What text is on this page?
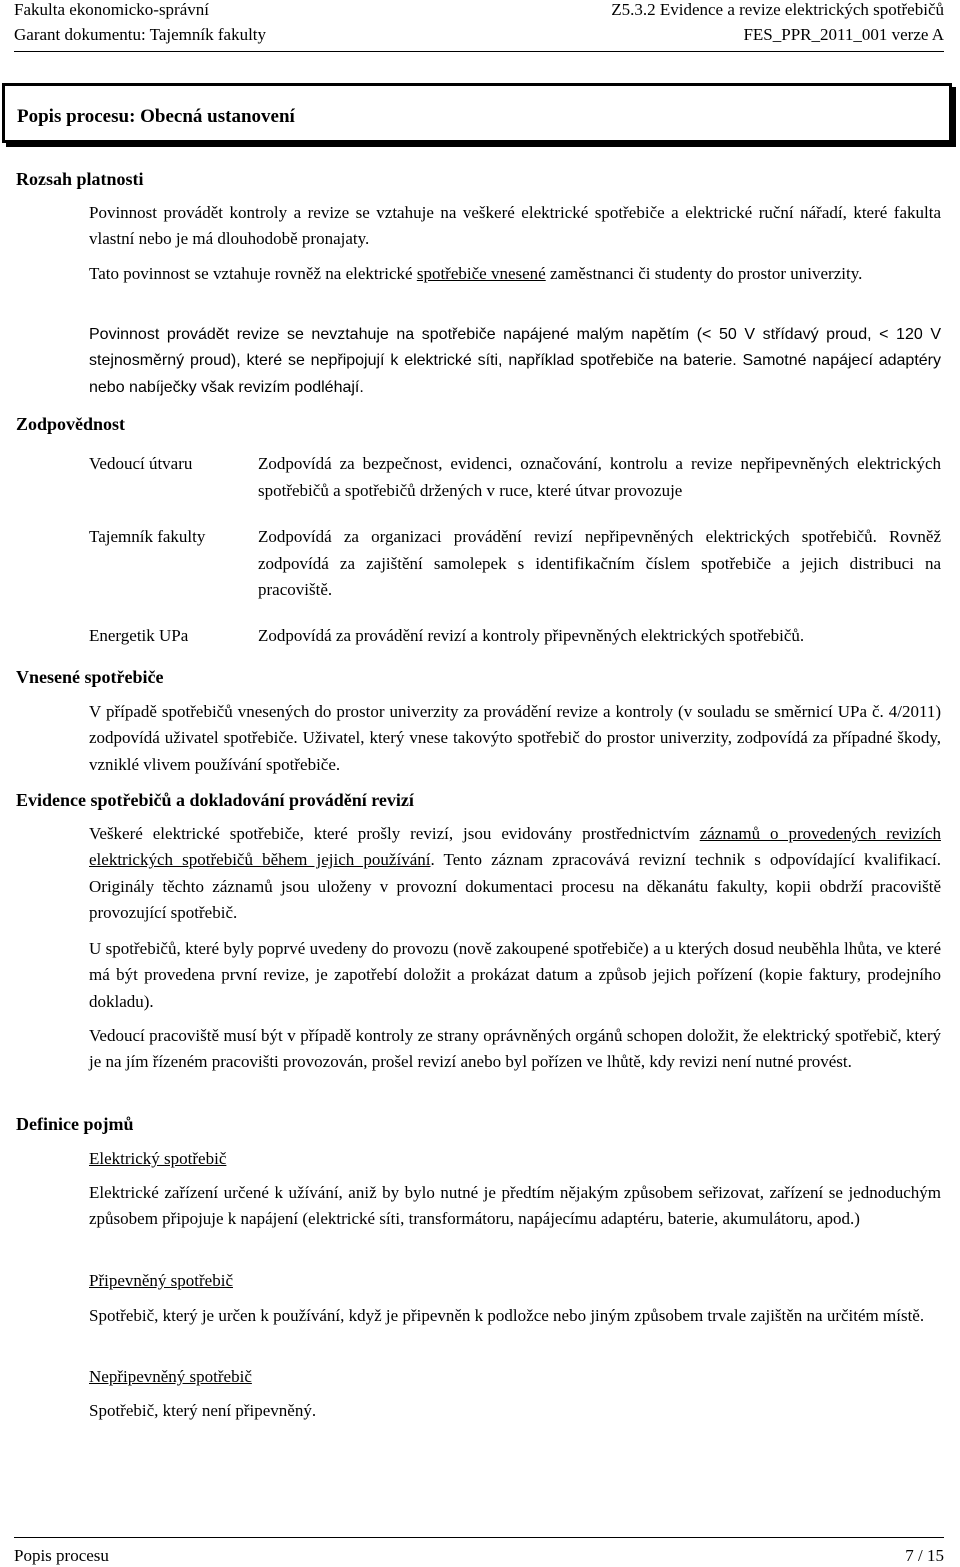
Fakulta ekonomicko-správní	Z5.3.2 Evidence a revize elektrických spotřebičů
Garant dokumentu: Tajemník fakulty	FES_PPR_2011_001 verze A
Popis procesu: Obecná ustanovení
Rozsah platnosti
Povinnost provádět kontroly a revize se vztahuje na veškeré elektrické spotřebiče a elektrické ruční nářadí, které fakulta vlastní nebo je má dlouhodobě pronajaty.
Tato povinnost se vztahuje rovněž na elektrické spotřebiče vnesené zaměstnanci či studenty do prostor univerzity.
Povinnost provádět revize se nevztahuje na spotřebiče napájené malým napětím (< 50 V střídavý proud, < 120 V stejnosměrný proud), které se nepřipojují k elektrické síti, například spotřebiče na baterie. Samotné napájecí adaptéry nebo nabíječky však revizím podléhají.
Zodpovědnost
Vedoucí útvaru	Zodpovídá za bezpečnost, evidenci, označování, kontrolu a revize nepřipevněných elektrických spotřebičů a spotřebičů držených v ruce, které útvar provozuje
Tajemník fakulty	Zodpovídá za organizaci provádění revizí nepřipevněných elektrických spotřebičů. Rovněž zodpovídá za zajištění samolepek s identifikačním číslem spotřebiče a jejich distribuci na pracoviště.
Energetik UPa	Zodpovídá za provádění revizí a kontroly připevněných elektrických spotřebičů.
Vnesené spotřebiče
V případě spotřebičů vnesených do prostor univerzity za provádění revize a kontroly (v souladu se směrnicí UPa č. 4/2011) zodpovídá uživatel spotřebiče. Uživatel, který vnese takovýto spotřebič do prostor univerzity, zodpovídá za případné škody, vzniklé vlivem používání spotřebiče.
Evidence spotřebičů a dokladování provádění revizí
Veškeré elektrické spotřebiče, které prošly revizí, jsou evidovány prostřednictvím záznamů o provedených revizích elektrických spotřebičů během jejich používání. Tento záznam zpracovává revizní technik s odpovídající kvalifikací. Originály těchto záznamů jsou uloženy v provozní dokumentaci procesu na děkanátu fakulty, kopii obdrží pracoviště provozující spotřebič.
U spotřebičů, které byly poprvé uvedeny do provozu (nově zakoupené spotřebiče) a u kterých dosud neuběhla lhůta, ve které má být provedena první revize, je zapotřebí doložit a prokázat datum a způsob jejich pořízení (kopie faktury, prodejního dokladu).
Vedoucí pracoviště musí být v případě kontroly ze strany oprávněných orgánů schopen doložit, že elektrický spotřebič, který je na jím řízeném pracovišti provozován, prošel revizí anebo byl pořízen ve lhůtě, kdy revizi není nutné provést.
Definice pojmů
Elektrický spotřebič
Elektrické zařízení určené k užívání, aniž by bylo nutné je předtím nějakým způsobem seřizovat, zařízení se jednoduchým způsobem připojuje k napájení (elektrické síti, transformátoru, napájecímu adaptéru, baterie, akumulátoru, apod.)
Připevněný spotřebič
Spotřebič, který je určen k používání, když je připevněn k podložce nebo jiným způsobem trvale zajištěn na určitém místě.
Nepřipevněný spotřebič
Spotřebič, který není připevněný.
Popis procesu	7 / 15
